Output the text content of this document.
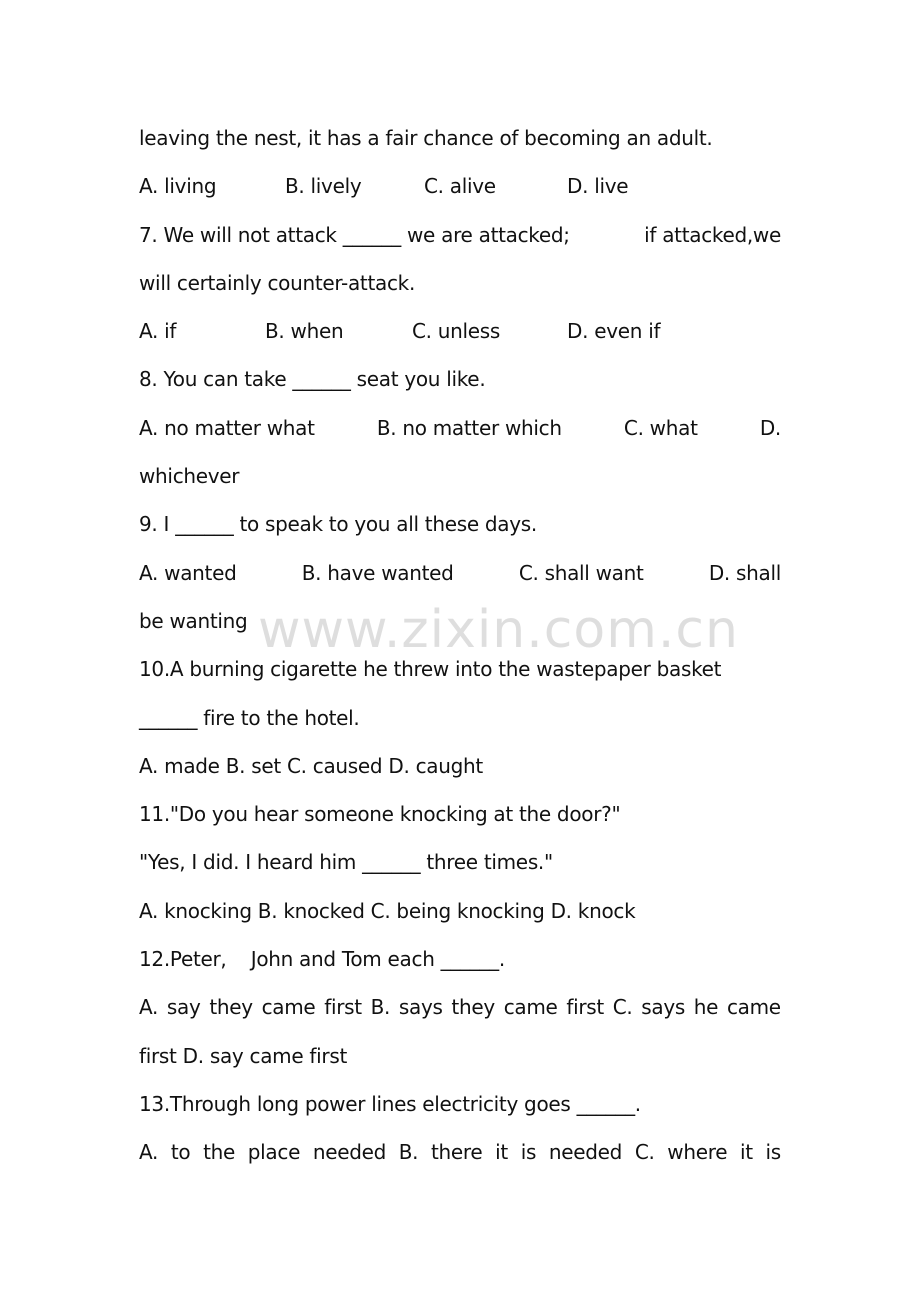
www.zixin.com.cn
leaving the nest, it has a fair chance of becoming an adult.
A. living	B. lively	C. alive	D. live
7. We will not attack ______ we are attacked;	if attacked,we
will certainly counter-attack.
A. if	B. when	C. unless	D. even if
8. You can take ______ seat you like.
A. no matter what	B. no matter which	C. what	D.
whichever
9. I ______ to speak to you all these days.
A. wanted	B. have wanted	C. shall want	D. shall
be wanting
10.A burning cigarette he threw into the wastepaper basket
______ fire to the hotel.
A. made B. set C. caused D. caught
11."Do you hear someone knocking at the door?"
"Yes, I did. I heard him ______ three times."
A. knocking B. knocked C. being knocking D. knock
12.Peter,    John and Tom each ______.
A. say they came first B. says they came first C. says he came
first D. say came first
13.Through long power lines electricity goes ______.
A. to the place needed B. there it is needed C. where it is
